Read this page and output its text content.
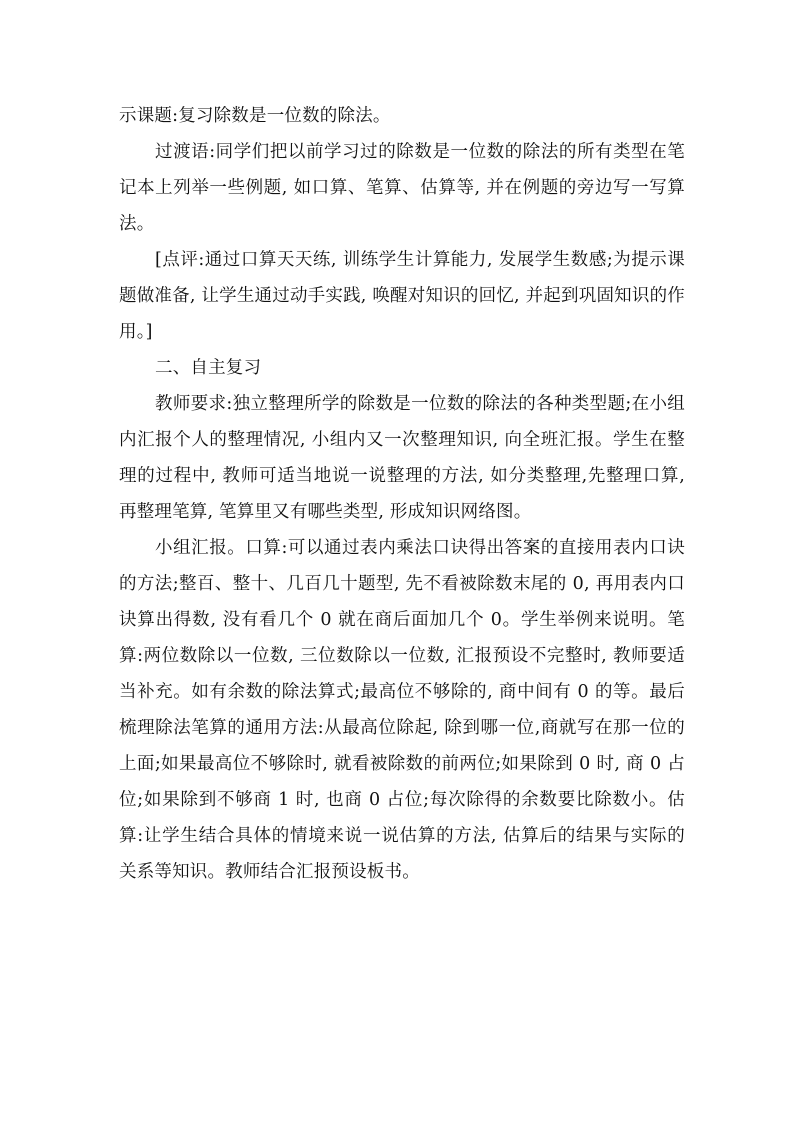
示课题:复习除数是一位数的除法。

过渡语:同学们把以前学习过的除数是一位数的除法的所有类型在笔记本上列举一些例题, 如口算、笔算、估算等, 并在例题的旁边写一写算法。

[点评:通过口算天天练, 训练学生计算能力, 发展学生数感;为提示课题做准备, 让学生通过动手实践, 唤醒对知识的回忆, 并起到巩固知识的作用。]

二、自主复习

教师要求:独立整理所学的除数是一位数的除法的各种类型题;在小组内汇报个人的整理情况, 小组内又一次整理知识, 向全班汇报。学生在整理的过程中, 教师可适当地说一说整理的方法, 如分类整理,先整理口算, 再整理笔算, 笔算里又有哪些类型, 形成知识网络图。

小组汇报。口算:可以通过表内乘法口诀得出答案的直接用表内口诀的方法;整百、整十、几百几十题型, 先不看被除数末尾的 0, 再用表内口诀算出得数, 没有看几个 0 就在商后面加几个 0。学生举例来说明。笔算:两位数除以一位数, 三位数除以一位数, 汇报预设不完整时, 教师要适当补充。如有余数的除法算式;最高位不够除的, 商中间有 0 的等。最后梳理除法笔算的通用方法:从最高位除起, 除到哪一位,商就写在那一位的上面;如果最高位不够除时, 就看被除数的前两位;如果除到 0 时, 商 0 占位;如果除到不够商 1 时, 也商 0 占位;每次除得的余数要比除数小。估算:让学生结合具体的情境来说一说估算的方法, 估算后的结果与实际的关系等知识。教师结合汇报预设板书。
